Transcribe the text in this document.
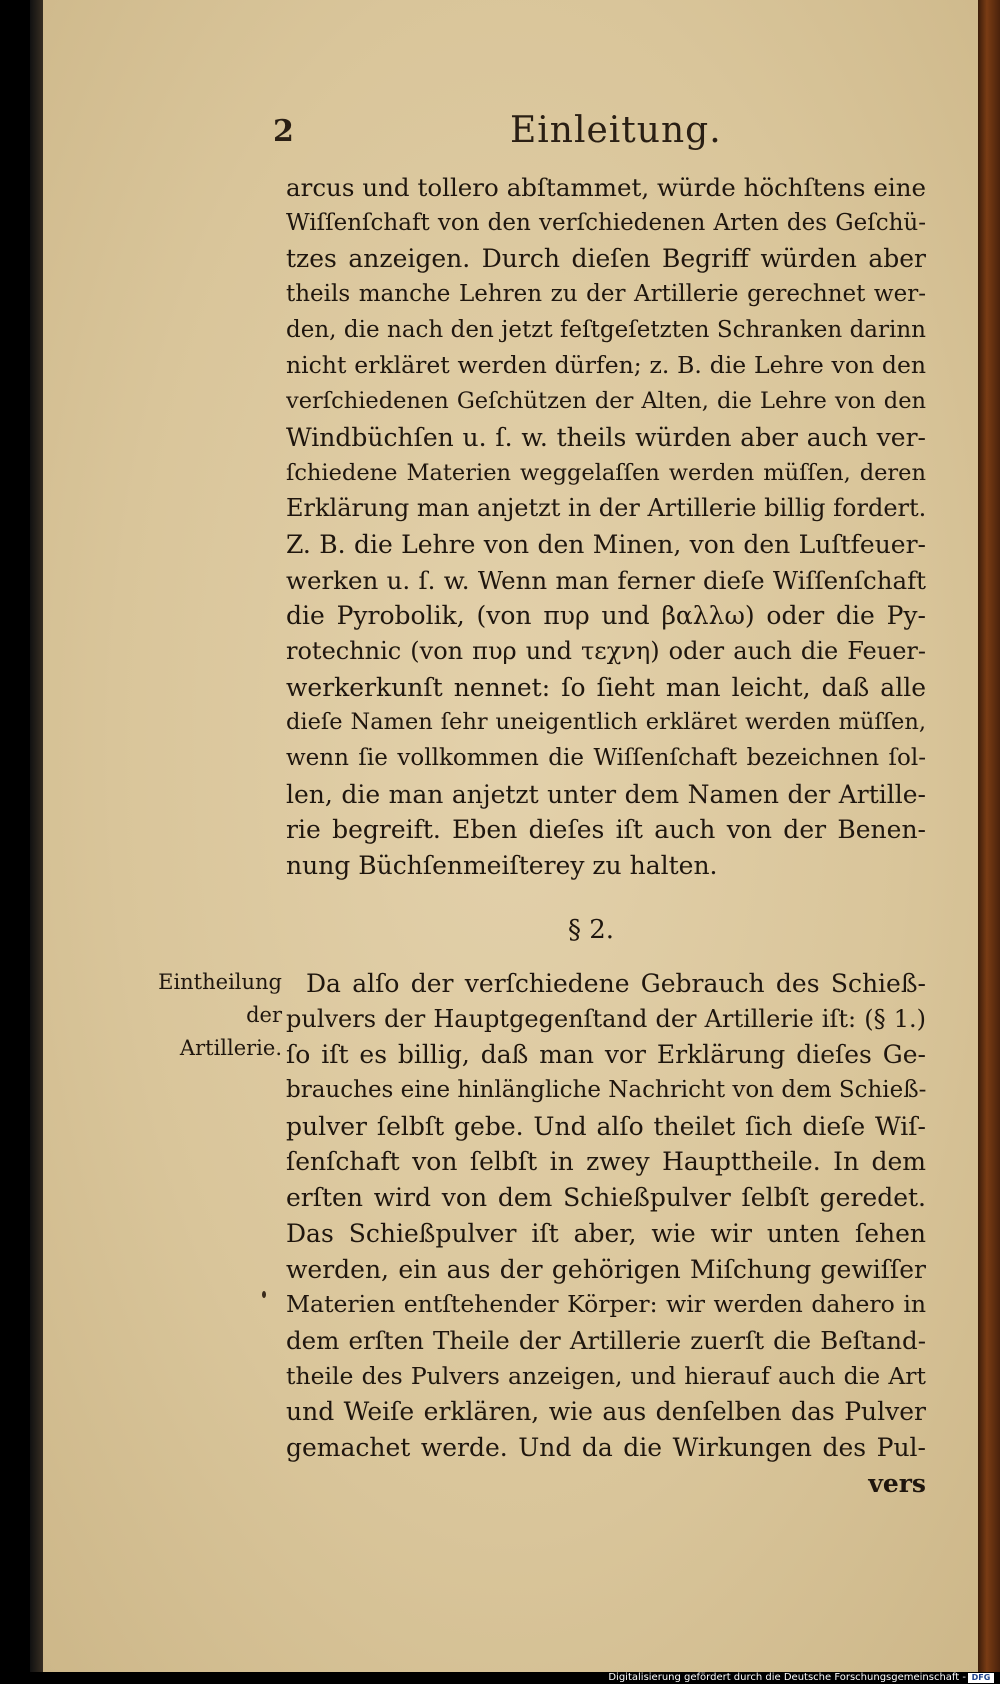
2	Einleitung.
arcus und tollero abſtammet, würde höchſtens eine
Wiſſenſchaft von den verſchiedenen Arten des Geſchü-
tzes anzeigen. Durch dieſen Begriff würden aber
theils manche Lehren zu der Artillerie gerechnet wer-
den, die nach den jetzt feſtgeſetzten Schranken darinn
nicht erkläret werden dürfen; z. B. die Lehre von den
verſchiedenen Geſchützen der Alten, die Lehre von den
Windbüchſen u. ſ. w. theils würden aber auch ver-
ſchiedene Materien weggelaſſen werden müſſen, deren
Erklärung man anjetzt in der Artillerie billig fordert.
Z. B. die Lehre von den Minen, von den Luſtfeuer-
werken u. ſ. w. Wenn man ferner dieſe Wiſſenſchaft
die Pyrobolik, (von πυρ und βαλλω) oder die Py-
rotechnic (von πυρ und τεχνη) oder auch die Feuer-
werkerkunſt nennet: ſo ſieht man leicht, daß alle
dieſe Namen ſehr uneigentlich erkläret werden müſſen,
wenn ſie vollkommen die Wiſſenſchaft bezeichnen ſol-
len, die man anjetzt unter dem Namen der Artille-
rie begreift. Eben dieſes iſt auch von der Benen-
nung Büchſenmeiſterey zu halten.
§ 2.
Eintheilung
der Artillerie.
Da alſo der verſchiedene Gebrauch des Schieß-
pulvers der Hauptgegenſtand der Artillerie iſt: (§ 1.)
ſo iſt es billig, daß man vor Erklärung dieſes Ge-
brauches eine hinlängliche Nachricht von dem Schieß-
pulver ſelbſt gebe. Und alſo theilet ſich dieſe Wiſ-
ſenſchaft von ſelbſt in zwey Haupttheile. In dem
erſten wird von dem Schießpulver ſelbſt geredet.
Das Schießpulver iſt aber, wie wir unten ſehen
werden, ein aus der gehörigen Miſchung gewiſſer
Materien entſtehender Körper: wir werden dahero in
dem erſten Theile der Artillerie zuerſt die Beſtand-
theile des Pulvers anzeigen, und hierauf auch die Art
und Weiſe erklären, wie aus denſelben das Pulver
gemachet werde. Und da die Wirkungen des Pul-
vers
Digitalisierung gefördert durch die Deutsche Forschungsgemeinschaft - DFG
